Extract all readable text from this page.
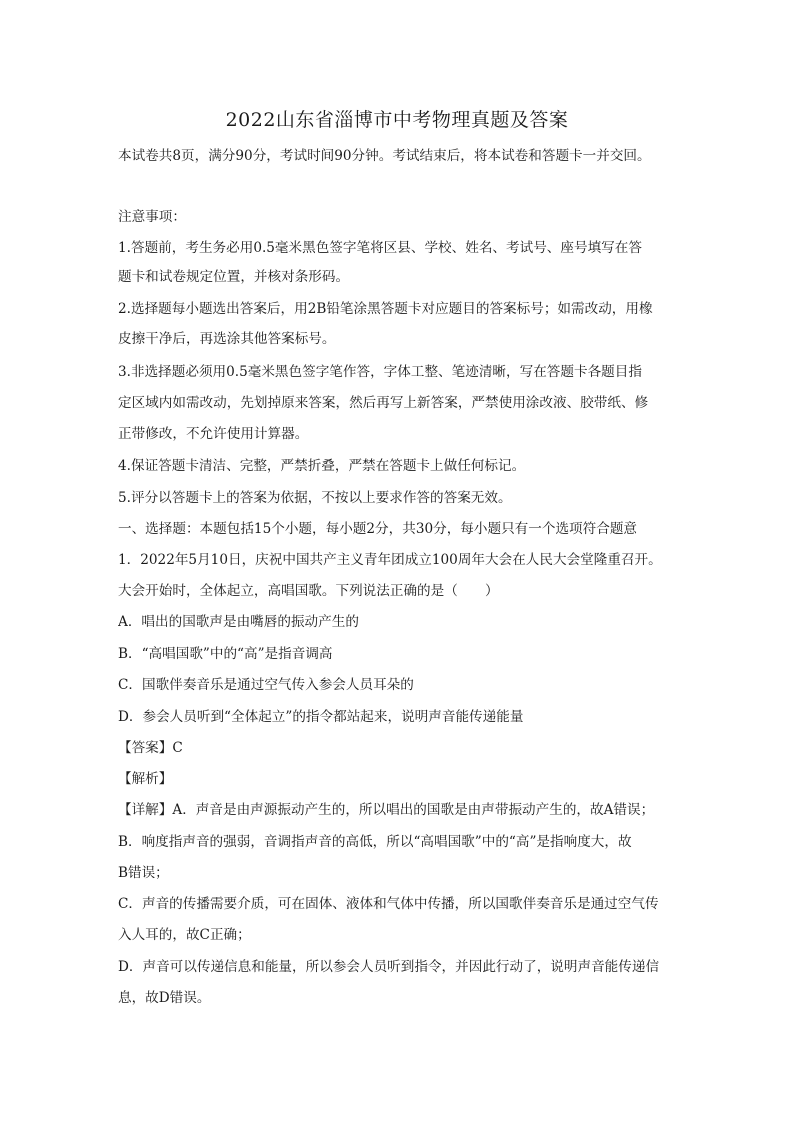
2022山东省淄博市中考物理真题及答案
本试卷共8页，满分90分，考试时间90分钟。考试结束后，将本试卷和答题卡一并交回。
注意事项：
1.答题前，考生务必用0.5毫米黑色签字笔将区县、学校、姓名、考试号、座号填写在答
题卡和试卷规定位置，并核对条形码。
2.选择题每小题选出答案后，用2B铅笔涂黑答题卡对应题目的答案标号；如需改动，用橡
皮擦干净后，再选涂其他答案标号。
3.非选择题必须用0.5毫米黑色签字笔作答，字体工整、笔迹清晰，写在答题卡各题目指
定区域内如需改动，先划掉原来答案，然后再写上新答案，严禁使用涂改液、胶带纸、修
正带修改，不允许使用计算器。
4.保证答题卡清洁、完整，严禁折叠，严禁在答题卡上做任何标记。
5.评分以答题卡上的答案为依据，不按以上要求作答的答案无效。
一、选择题：本题包括15个小题，每小题2分，共30分，每小题只有一个选项符合题意
1．2022年5月10日，庆祝中国共产主义青年团成立100周年大会在人民大会堂隆重召开。
大会开始时，全体起立，高唱国歌。下列说法正确的是（　　）
A．唱出的国歌声是由嘴唇的振动产生的
B．“高唱国歌”中的“高”是指音调高
C．国歌伴奏音乐是通过空气传入参会人员耳朵的
D．参会人员听到“全体起立”的指令都站起来，说明声音能传递能量
【答案】C
【解析】
【详解】A．声音是由声源振动产生的，所以唱出的国歌是由声带振动产生的，故A错误；
B．响度指声音的强弱，音调指声音的高低，所以“高唱国歌”中的“高”是指响度大，故
B错误；
C．声音的传播需要介质，可在固体、液体和气体中传播，所以国歌伴奏音乐是通过空气传
入人耳的，故C正确；
D．声音可以传递信息和能量，所以参会人员听到指令，并因此行动了，说明声音能传递信
息，故D错误。
